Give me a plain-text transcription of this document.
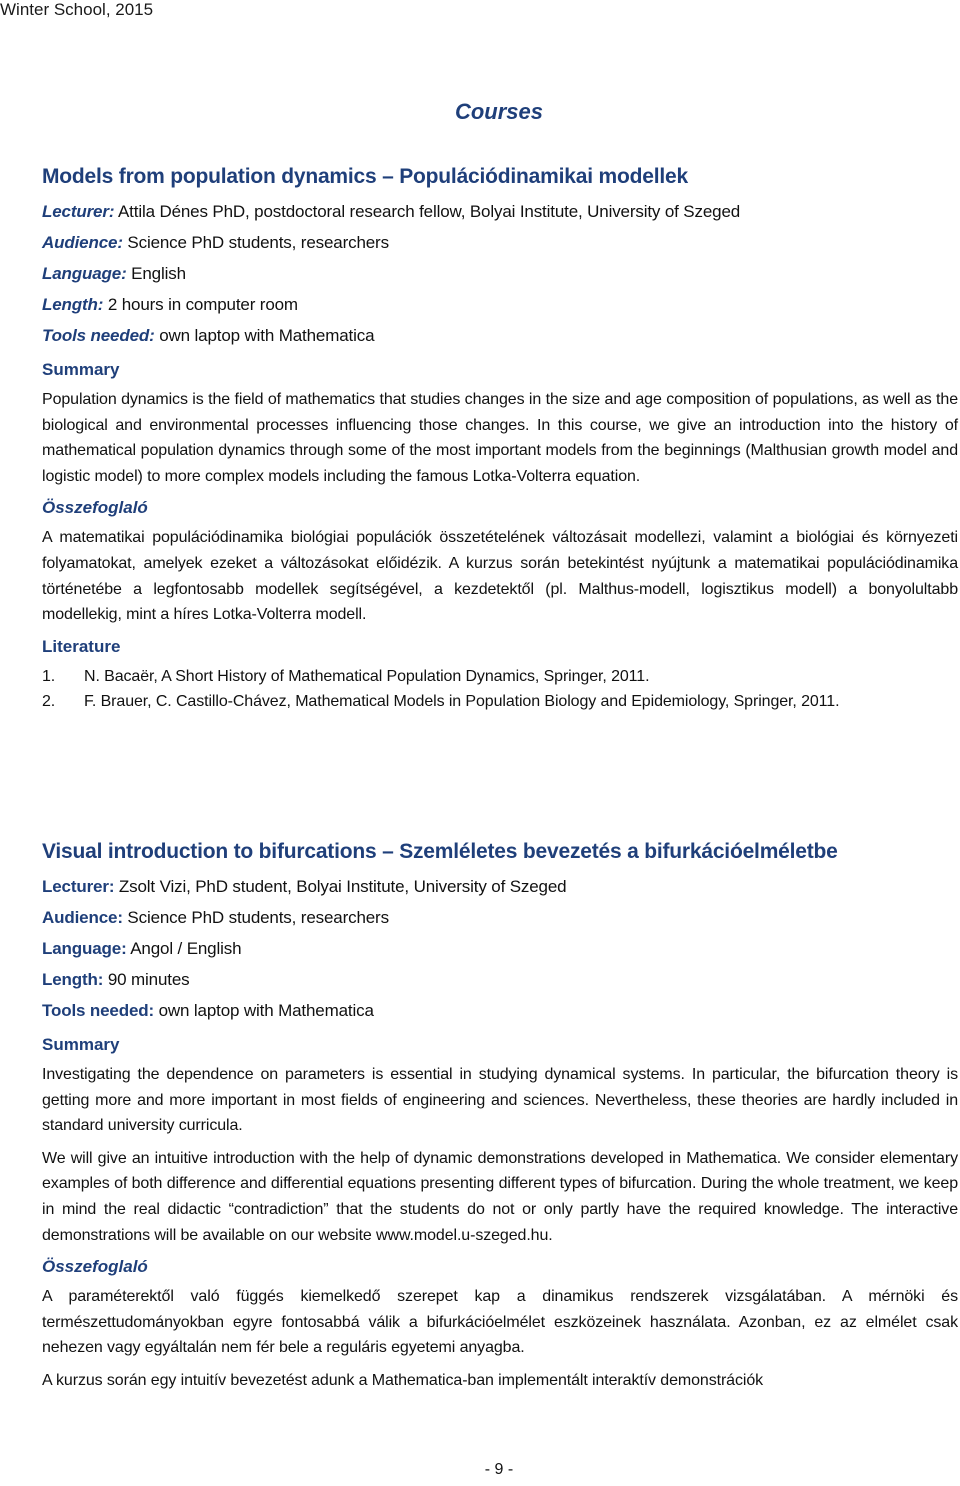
Winter School, 2015
Courses
Models from population dynamics – Populációdinamikai modellek
Lecturer: Attila Dénes PhD, postdoctoral research fellow, Bolyai Institute, University of Szeged
Audience: Science PhD students, researchers
Language: English
Length: 2 hours in computer room
Tools needed: own laptop with Mathematica
Summary

Population dynamics is the field of mathematics that studies changes in the size and age composition of populations, as well as the biological and environmental processes influencing those changes. In this course, we give an introduction into the history of mathematical population dynamics through some of the most important models from the beginnings (Malthusian growth model and logistic model) to more complex models including the famous Lotka-Volterra equation.

Összefoglaló

A matematikai populációdinamika biológiai populációk összetételének változásait modellezi, valamint a biológiai és környezeti folyamatokat, amelyek ezeket a változásokat előidézik. A kurzus során betekintést nyújtunk a matematikai populációdinamika történetébe a legfontosabb modellek segítségével, a kezdetektől (pl. Malthus-modell, logisztikus modell) a bonyolultabb modellekig, mint a híres Lotka-Volterra modell.

Literature
1.	N. Bacaër, A Short History of Mathematical Population Dynamics, Springer, 2011.
2.	F. Brauer, C. Castillo-Chávez, Mathematical Models in Population Biology and Epidemiology, Springer, 2011.
Visual introduction to bifurcations – Szemléletes bevezetés a bifurkációelméletbe
Lecturer: Zsolt Vizi, PhD student, Bolyai Institute, University of Szeged
Audience: Science PhD students, researchers
Language: Angol / English
Length: 90 minutes
Tools needed: own laptop with Mathematica
Summary

Investigating the dependence on parameters is essential in studying dynamical systems. In particular, the bifurcation theory is getting more and more important in most fields of engineering and sciences. Nevertheless, these theories are hardly included in standard university curricula.

We will give an intuitive introduction with the help of dynamic demonstrations developed in Mathematica. We consider elementary examples of both difference and differential equations presenting different types of bifurcation. During the whole treatment, we keep in mind the real didactic “contradiction” that the students do not or only partly have the required knowledge. The interactive demonstrations will be available on our website www.model.u-szeged.hu.

Összefoglaló

A paraméterektől való függés kiemelkedő szerepet kap a dinamikus rendszerek vizsgálatában. A mérnöki és természettudományokban egyre fontosabbá válik a bifurkációelmélet eszközeinek használata. Azonban, ez az elmélet csak nehezen vagy egyáltalán nem fér bele a reguláris egyetemi anyagba.

A kurzus során egy intuitív bevezetést adunk a Mathematica-ban implementált interaktív demonstrációk

- 9 -
